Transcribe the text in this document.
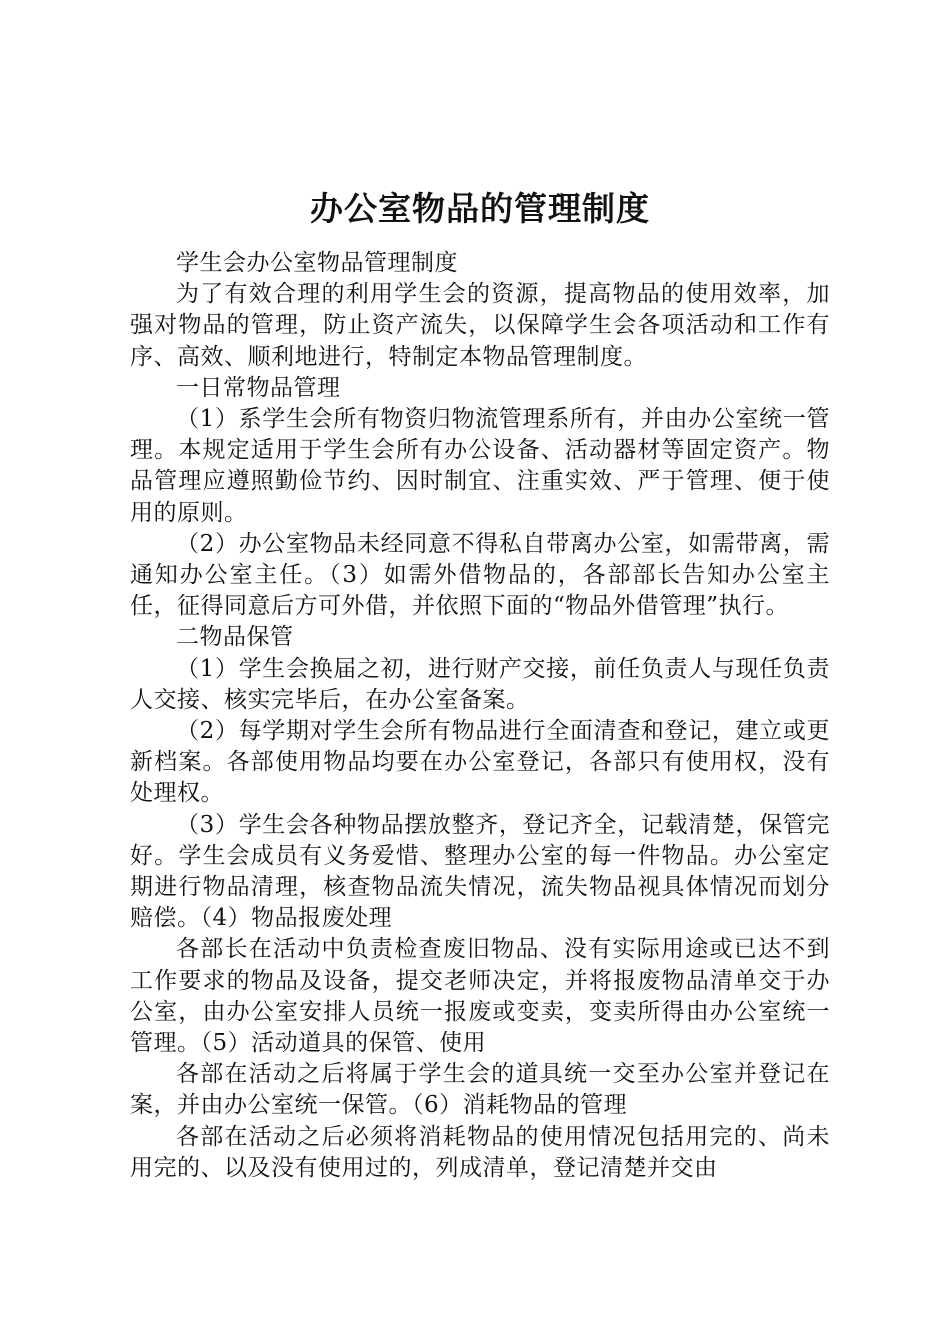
办公室物品的管理制度

学生会办公室物品管理制度

为了有效合理的利用学生会的资源，提高物品的使用效率，加强对物品的管理，防止资产流失，以保障学生会各项活动和工作有序、高效、顺利地进行，特制定本物品管理制度。

一日常物品管理

（1）系学生会所有物资归物流管理系所有，并由办公室统一管理。本规定适用于学生会所有办公设备、活动器材等固定资产。物品管理应遵照勤俭节约、因时制宜、注重实效、严于管理、便于使用的原则。

（2）办公室物品未经同意不得私自带离办公室，如需带离，需通知办公室主任。（3）如需外借物品的，各部部长告知办公室主任，征得同意后方可外借，并依照下面的“物品外借管理”执行。

二物品保管

（1）学生会换届之初，进行财产交接，前任负责人与现任负责人交接、核实完毕后，在办公室备案。

（2）每学期对学生会所有物品进行全面清查和登记，建立或更新档案。各部使用物品均要在办公室登记，各部只有使用权，没有处理权。

（3）学生会各种物品摆放整齐，登记齐全，记载清楚，保管完好。学生会成员有义务爱惜、整理办公室的每一件物品。办公室定期进行物品清理，核查物品流失情况，流失物品视具体情况而划分赔偿。（4）物品报废处理

各部长在活动中负责检查废旧物品、没有实际用途或已达不到工作要求的物品及设备，提交老师决定，并将报废物品清单交于办公室，由办公室安排人员统一报废或变卖，变卖所得由办公室统一管理。（5）活动道具的保管、使用

各部在活动之后将属于学生会的道具统一交至办公室并登记在案，并由办公室统一保管。（6）消耗物品的管理

各部在活动之后必须将消耗物品的使用情况包括用完的、尚未用完的、以及没有使用过的，列成清单，登记清楚并交由
